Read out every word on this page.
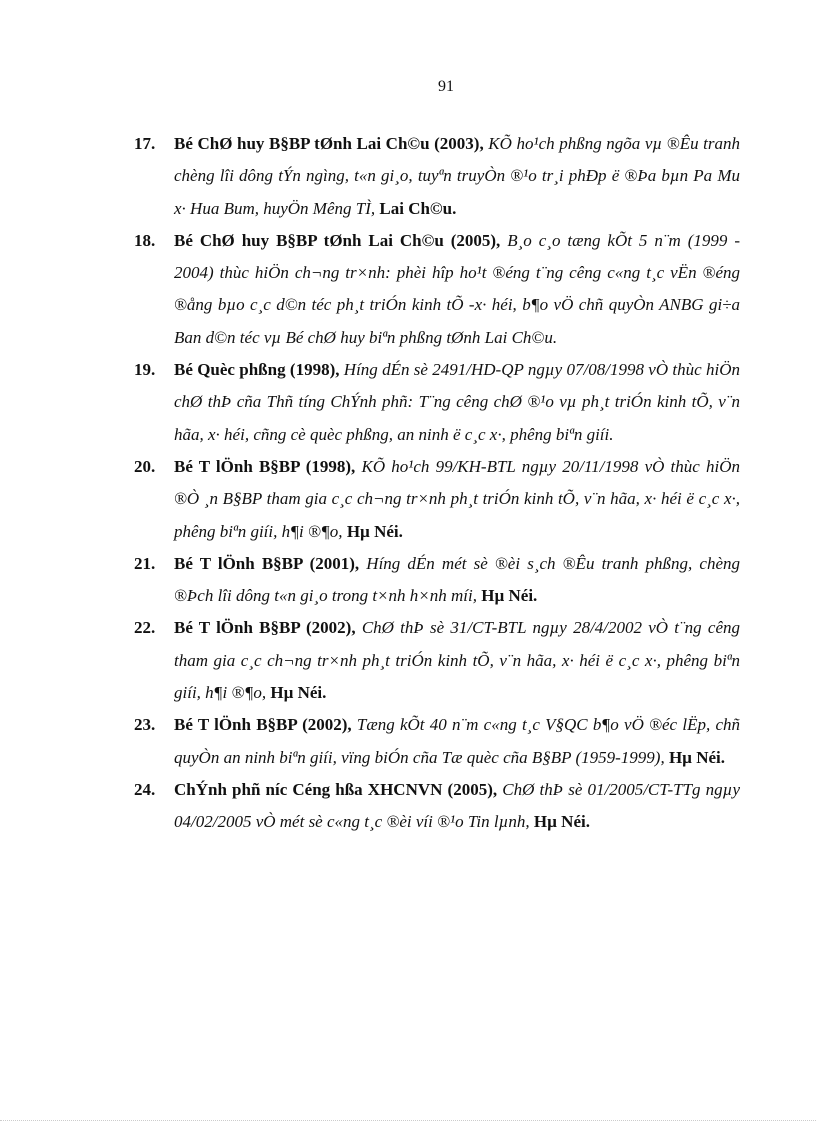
91

17. Bé ChØ huy B§BP tØnh Lai Ch©u (2003), KÕ ho¹ch phßng ngõa vµ ®Êu tranh chèng lîi dông tÝn ngìng, t«n gi¸o, tuyªn truyÒn ®¹o tr¸i phÐp ë ®Þa bµn Pa Mu x· Hua Bum, huyÖn Mêng TÌ, Lai Ch©u.

18. Bé ChØ huy B§BP tØnh Lai Ch©u (2005), B¸o c¸o tæng kÕt 5 n¨m (1999 - 2004) thùc hiÖn ch¬ng tr×nh: phèi hîp ho¹t ®éng t¨ng cêng c«ng t¸c vËn ®éng ®ång bµo c¸c d©n téc ph¸t triÓn kinh tÕ -x· héi, b¶o vÖ chñ quyÒn ANBG gi÷a Ban d©n téc vµ Bé chØ huy biªn phßng tØnh Lai Ch©u.

19. Bé Quèc phßng (1998), Híng dÉn sè 2491/HD-QP ngµy 07/08/1998 vÒ thùc hiÖn chØ thÞ cña Thñ tíng ChÝnh phñ: T¨ng cêng chØ ®¹o vµ ph¸t triÓn kinh tÕ, v¨n hãa, x· héi, cñng cè quèc phßng, an ninh ë c¸c x·, phêng biªn giíi.

20. Bé T lÖnh B§BP (1998), KÕ ho¹ch 99/KH-BTL ngµy 20/11/1998 vÒ thùc hiÖn ®Ò ¸n B§BP tham gia c¸c ch¬ng tr×nh ph¸t triÓn kinh tÕ, v¨n hãa, x· héi ë c¸c x·, phêng biªn giíi, h¶i ®¶o, Hµ Néi.

21. Bé T lÖnh B§BP (2001), Híng dÉn mét sè ®èi s¸ch ®Êu tranh phßng, chèng ®Þch lîi dông t«n gi¸o trong t×nh h×nh míi, Hµ Néi.

22. Bé T lÖnh B§BP (2002), ChØ thÞ sè 31/CT-BTL ngµy 28/4/2002 vÒ t¨ng cêng tham gia c¸c ch¬ng tr×nh ph¸t triÓn kinh tÕ, v¨n hãa, x· héi ë c¸c x·, phêng biªn giíi, h¶i ®¶o, Hµ Néi.

23. Bé T lÖnh B§BP (2002), Tæng kÕt 40 n¨m c«ng t¸c V§QC b¶o vÖ ®éc lËp, chñ quyÒn an ninh biªn giíi, vïng biÓn cña Tæ quèc cña B§BP (1959-1999), Hµ Néi.

24. ChÝnh phñ níc Céng hßa XHCNVN (2005), ChØ thÞ sè 01/2005/CT-TTg ngµy 04/02/2005 vÒ mét sè c«ng t¸c ®èi víi ®¹o Tin lµnh, Hµ Néi.
